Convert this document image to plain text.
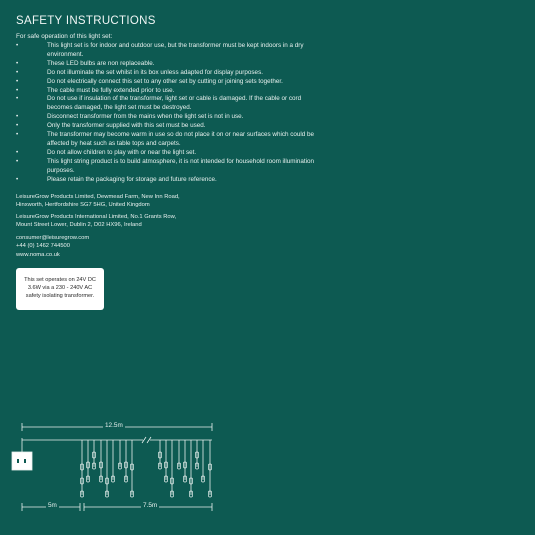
SAFETY INSTRUCTIONS
For safe operation of this light set:
• This light set is for indoor and outdoor use, but the transformer must be kept indoors in a dry environment.
• These LED bulbs are non replaceable.
• Do not illuminate the set whilst in its box unless adapted for display purposes.
• Do not electrically connect this set to any other set by cutting or joining sets together.
• The cable must be fully extended prior to use.
• Do not use if insulation of the transformer, light set or cable is damaged. If the cable or cord becomes damaged, the light set must be destroyed.
• Disconnect transformer from the mains when the light set is not in use.
• Only the transformer supplied with this set must be used.
• The transformer may become warm in use so do not place it on or near surfaces which could be affected by heat such as table tops and carpets.
• Do not allow children to play with or near the light set.
• This light string product is to build atmosphere, it is not intended for household room illumination purposes.
• Please retain the packaging for storage and future reference.
LeisureGrow Products Limited, Dewmead Farm, New Inn Road,
Hinxworth, Hertfordshire SG7 5HG, United Kingdom
LeisureGrow Products International Limited, No.1 Grants Row,
Mount Street Lower, Dublin 2, D02 HX96, Ireland
consumer@leisuregrow.com
+44 (0) 1462 744500
www.noma.co.uk
This set operates on 24V DC 3.6W via a 230 - 240V AC safety isolating transformer.
12.5m
5m	7.5m
